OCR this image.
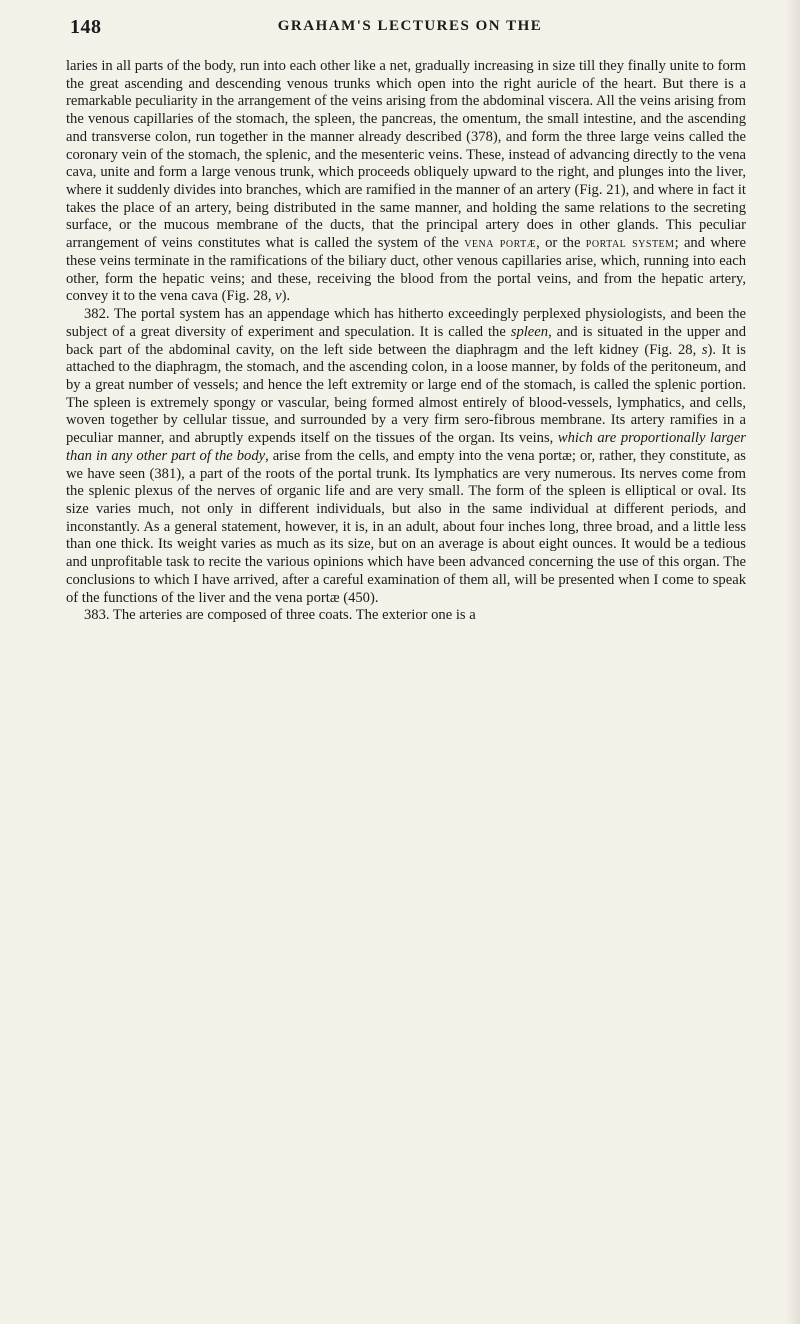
148	GRAHAM'S LECTURES ON THE

laries in all parts of the body, run into each other like a net, gradually increasing in size till they finally unite to form the great ascending and descending venous trunks which open into the right auricle of the heart. But there is a remarkable peculiarity in the arrangement of the veins arising from the abdominal viscera. All the veins arising from the venous capillaries of the stomach, the spleen, the pancreas, the omentum, the small intestine, and the ascending and transverse colon, run together in the manner already described (378), and form the three large veins called the coronary vein of the stomach, the splenic, and the mesenteric veins. These, instead of advancing directly to the vena cava, unite and form a large venous trunk, which proceeds obliquely upward to the right, and plunges into the liver, where it suddenly divides into branches, which are ramified in the manner of an artery (Fig. 21), and where in fact it takes the place of an artery, being distributed in the same manner, and holding the same relations to the secreting surface, or the mucous membrane of the ducts, that the principal artery does in other glands. This peculiar arrangement of veins constitutes what is called the system of the vena portæ, or the portal system; and where these veins terminate in the ramifications of the biliary duct, other venous capillaries arise, which, running into each other, form the hepatic veins; and these, receiving the blood from the portal veins, and from the hepatic artery, convey it to the vena cava (Fig. 28, v).

382. The portal system has an appendage which has hitherto exceedingly perplexed physiologists, and been the subject of a great diversity of experiment and speculation. It is called the spleen, and is situated in the upper and back part of the abdominal cavity, on the left side between the diaphragm and the left kidney (Fig. 28, s). It is attached to the diaphragm, the stomach, and the ascending colon, in a loose manner, by folds of the peritoneum, and by a great number of vessels; and hence the left extremity or large end of the stomach, is called the splenic portion. The spleen is extremely spongy or vascular, being formed almost entirely of blood-vessels, lymphatics, and cells, woven together by cellular tissue, and surrounded by a very firm sero-fibrous membrane. Its artery ramifies in a peculiar manner, and abruptly expends itself on the tissues of the organ. Its veins, which are proportionally larger than in any other part of the body, arise from the cells, and empty into the vena portæ; or, rather, they constitute, as we have seen (381), a part of the roots of the portal trunk. Its lymphatics are very numerous. Its nerves come from the splenic plexus of the nerves of organic life and are very small. The form of the spleen is elliptical or oval. Its size varies much, not only in different individuals, but also in the same individual at different periods, and inconstantly. As a general statement, however, it is, in an adult, about four inches long, three broad, and a little less than one thick. Its weight varies as much as its size, but on an average is about eight ounces. It would be a tedious and unprofitable task to recite the various opinions which have been advanced concerning the use of this organ. The conclusions to which I have arrived, after a careful examination of them all, will be presented when I come to speak of the functions of the liver and the vena portæ (450).

383. The arteries are composed of three coats. The exterior one is a
